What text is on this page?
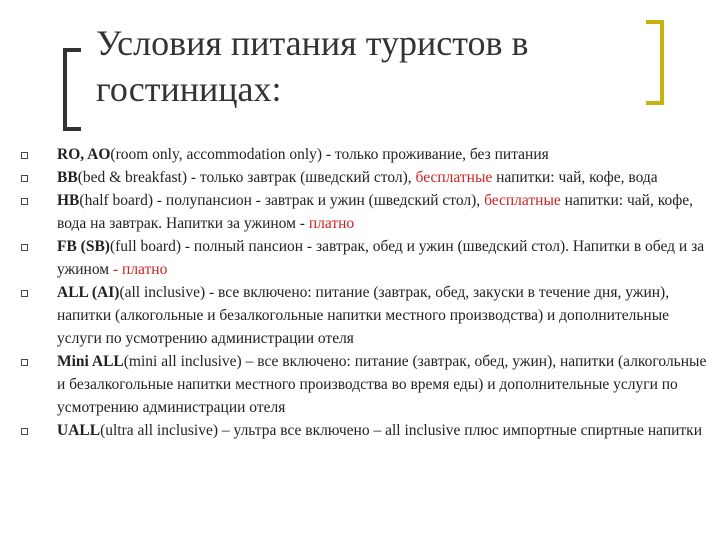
Условия питания туристов в гостиницах:
RO, AO(room only, accommodation only) - только проживание, без питания
BB(bed & breakfast) - только завтрак (шведский стол), бесплатные напитки: чай, кофе, вода
HB(half board) - полупансион - завтрак и ужин (шведский стол), бесплатные напитки: чай, кофе, вода на завтрак. Напитки за ужином - платно
FB (SB)(full board) - полный пансион - завтрак, обед и ужин (шведский стол). Напитки в обед и за ужином - платно
ALL (AI)(all inclusive) - все включено: питание (завтрак, обед, закуски в течение дня, ужин), напитки (алкогольные и безалкогольные напитки местного производства) и дополнительные услуги по усмотрению администрации отеля
Mini ALL(mini all inclusive) – все включено: питание (завтрак, обед, ужин), напитки (алкогольные и безалкогольные напитки местного производства во время еды) и дополнительные услуги по усмотрению администрации отеля
UALL(ultra all inclusive) – ультра все включено – all inclusive плюс импортные спиртные напитки
